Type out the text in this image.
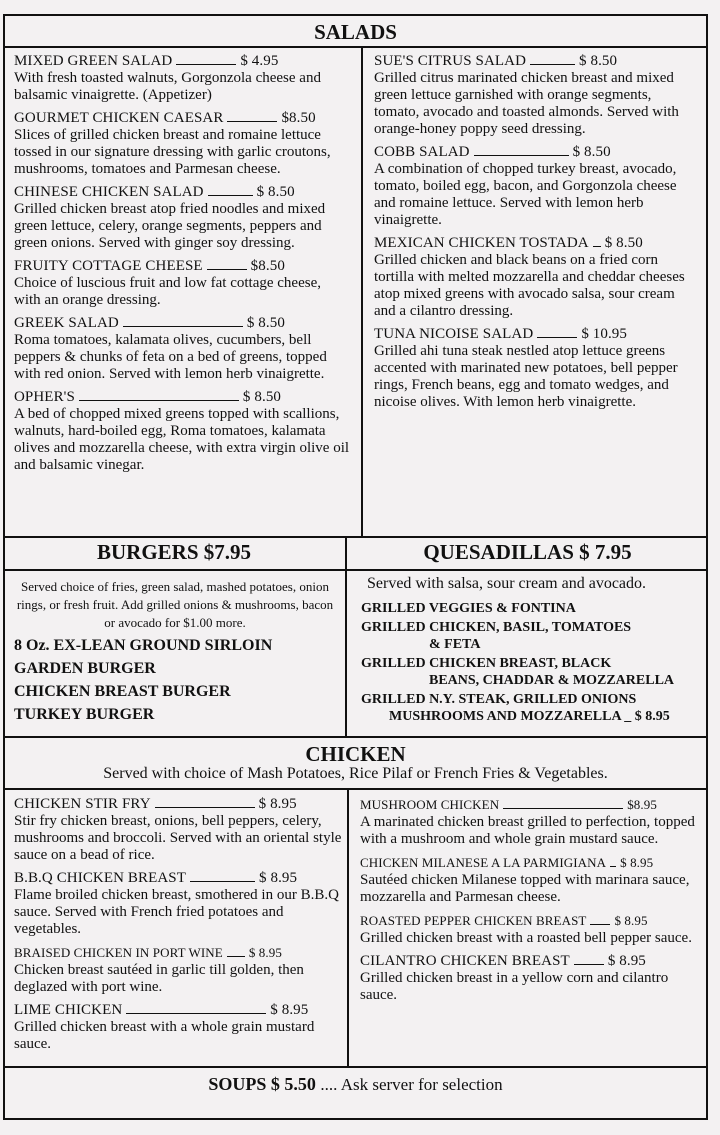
SALADS
MIXED GREEN SALAD	$ 4.95
With fresh toasted walnuts, Gorgonzola cheese and balsamic vinaigrette. (Appetizer)
GOURMET CHICKEN CAESAR	$8.50
Slices of grilled chicken breast and romaine lettuce tossed in our signature dressing with garlic croutons, mushrooms, tomatoes and Parmesan cheese.
CHINESE CHICKEN SALAD	$ 8.50
Grilled chicken breast atop fried noodles and mixed green lettuce, celery, orange segments, peppers and green onions. Served with ginger soy dressing.
FRUITY COTTAGE CHEESE	$8.50
Choice of luscious fruit and low fat cottage cheese, with an orange dressing.
GREEK SALAD	$ 8.50
Roma tomatoes, kalamata olives, cucumbers, bell peppers & chunks of feta on a bed of greens, topped with red onion. Served with lemon herb vinaigrette.
OPHER'S	$ 8.50
A bed of chopped mixed greens topped with scallions, walnuts, hard-boiled egg, Roma tomatoes, kalamata olives and mozzarella cheese, with extra virgin olive oil and balsamic vinegar.
SUE'S CITRUS SALAD	$ 8.50
Grilled citrus marinated chicken breast and mixed green lettuce garnished with orange segments, tomato, avocado and toasted almonds. Served with orange-honey poppy seed dressing.
COBB SALAD	$ 8.50
A combination of chopped turkey breast, avocado, tomato, boiled egg, bacon, and Gorgonzola cheese and romaine lettuce. Served with lemon herb vinaigrette.
MEXICAN CHICKEN TOSTADA $ 8.50
Grilled chicken and black beans on a fried corn tortilla with melted mozzarella and cheddar cheeses atop mixed greens with avocado salsa, sour cream and a cilantro dressing.
TUNA NICOISE SALAD	$ 10.95
Grilled ahi tuna steak nestled atop lettuce greens accented with marinated new potatoes, bell pepper rings, French beans, egg and tomato wedges, and nicoise olives. With lemon herb vinaigrette.
BURGERS $7.95	QUESADILLAS $ 7.95
Served choice of fries, green salad, mashed potatoes, onion rings, or fresh fruit. Add grilled onions & mushrooms, bacon or avocado for $1.00 more.
8 Oz. EX-LEAN GROUND SIRLOIN
GARDEN BURGER
CHICKEN BREAST BURGER
TURKEY BURGER
Served with salsa, sour cream and avocado.
GRILLED VEGGIES & FONTINA
GRILLED CHICKEN, BASIL, TOMATOES
& FETA
GRILLED CHICKEN BREAST, BLACK
BEANS, CHADDAR & MOZZARELLA
GRILLED N.Y. STEAK, GRILLED ONIONS
MUSHROOMS AND MOZZARELLA _ $ 8.95
CHICKEN
Served with choice of Mash Potatoes, Rice Pilaf or French Fries & Vegetables.
CHICKEN STIR FRY	$ 8.95
Stir fry chicken breast, onions, bell peppers, celery, mushrooms and broccoli. Served with an oriental style sauce on a bead of rice.
B.B.Q CHICKEN BREAST	$ 8.95
Flame broiled chicken breast, smothered in our B.B.Q sauce. Served with French fried potatoes and vegetables.
BRAISED CHICKEN IN PORT WINE $ 8.95
Chicken breast sautéed in garlic till golden, then deglazed with port wine.
LIME CHICKEN	$ 8.95
Grilled chicken breast with a whole grain mustard sauce.
MUSHROOM CHICKEN	$8.95
A marinated chicken breast grilled to perfection, topped with a mushroom and whole grain mustard sauce.
CHICKEN MILANESE A LA PARMIGIANA $ 8.95
Sautéed chicken Milanese topped with marinara sauce, mozzarella and Parmesan cheese.
ROASTED PEPPER CHICKEN BREAST $ 8.95
Grilled chicken breast with a roasted bell pepper sauce.
CILANTRO CHICKEN BREAST	$ 8.95
Grilled chicken breast in a yellow corn and cilantro sauce.
SOUPS $ 5.50 .... Ask server for selection
